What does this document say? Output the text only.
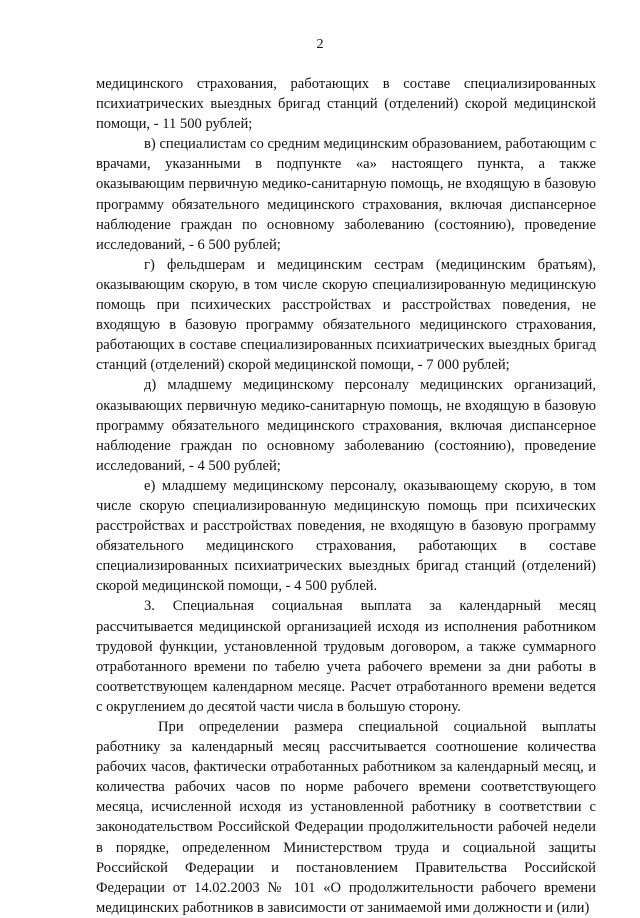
2

медицинского страхования, работающих в составе специализированных психиатрических выездных бригад станций (отделений) скорой медицинской помощи, - 11 500 рублей;

в) специалистам со средним медицинским образованием, работающим с врачами, указанными в подпункте «а» настоящего пункта, а также оказывающим первичную медико-санитарную помощь, не входящую в базовую программу обязательного медицинского страхования, включая диспансерное наблюдение граждан по основному заболеванию (состоянию), проведение исследований, - 6 500 рублей;

г) фельдшерам и медицинским сестрам (медицинским братьям), оказывающим скорую, в том числе скорую специализированную медицинскую помощь при психических расстройствах и расстройствах поведения, не входящую в базовую программу обязательного медицинского страхования, работающих в составе специализированных психиатрических выездных бригад станций (отделений) скорой медицинской помощи, - 7 000 рублей;

д) младшему медицинскому персоналу медицинских организаций, оказывающих первичную медико-санитарную помощь, не входящую в базовую программу обязательного медицинского страхования, включая диспансерное наблюдение граждан по основному заболеванию (состоянию), проведение исследований, - 4 500 рублей;

е) младшему медицинскому персоналу, оказывающему скорую, в том числе скорую специализированную медицинскую помощь при психических расстройствах и расстройствах поведения, не входящую в базовую программу обязательного медицинского страхования, работающих в составе специализированных психиатрических выездных бригад станций (отделений) скорой медицинской помощи, - 4 500 рублей.

3. Специальная социальная выплата за календарный месяц рассчитывается медицинской организацией исходя из исполнения работником трудовой функции, установленной трудовым договором, а также суммарного отработанного времени по табелю учета рабочего времени за дни работы в соответствующем календарном месяце. Расчет отработанного времени ведется с округлением до десятой части числа в большую сторону.

При определении размера специальной социальной выплаты работнику за календарный месяц рассчитывается соотношение количества рабочих часов, фактически отработанных работником за календарный месяц, и количества рабочих часов по норме рабочего времени соответствующего месяца, исчисленной исходя из установленной работнику в соответствии с законодательством Российской Федерации продолжительности рабочей недели в порядке, определенном Министерством труда и социальной защиты Российской Федерации и постановлением Правительства Российской Федерации от 14.02.2003 № 101 «О продолжительности рабочего времени медицинских работников в зависимости от занимаемой ими должности и (или)
